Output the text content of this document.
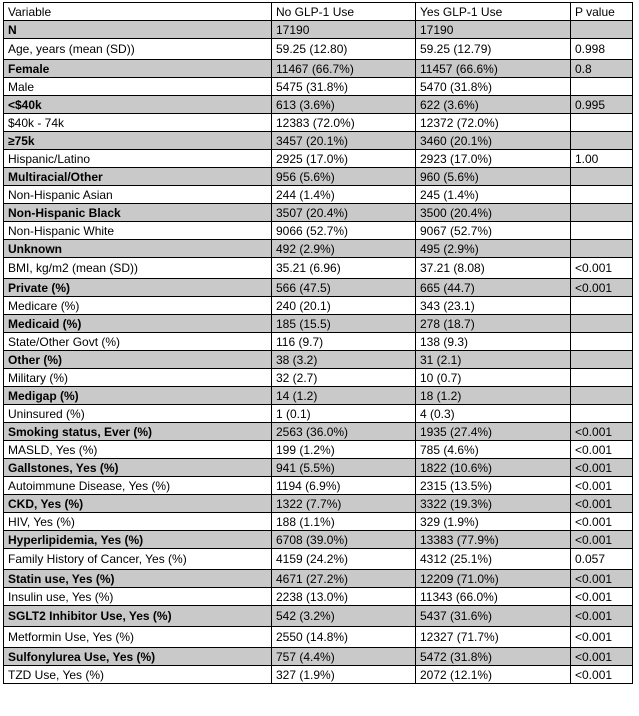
Variable	No GLP-1 Use	Yes GLP-1 Use	P value
N	17190	17190	
Age, years (mean (SD))	59.25 (12.80)	59.25 (12.79)	0.998
Female	11467 (66.7%)	11457 (66.6%)	0.8
Male	5475 (31.8%)	5470 (31.8%)	
<$40k	613 (3.6%)	622 (3.6%)	0.995
$40k - 74k	12383 (72.0%)	12372 (72.0%)	
≥75k	3457 (20.1%)	3460 (20.1%)	
Hispanic/Latino	2925 (17.0%)	2923 (17.0%)	1.00
Multiracial/Other	956 (5.6%)	960 (5.6%)	
Non-Hispanic Asian	244 (1.4%)	245 (1.4%)	
Non-Hispanic Black	3507 (20.4%)	3500 (20.4%)	
Non-Hispanic White	9066 (52.7%)	9067 (52.7%)	
Unknown	492 (2.9%)	495 (2.9%)	
BMI, kg/m2 (mean (SD))	35.21 (6.96)	37.21 (8.08)	<0.001
Private (%)	566 (47.5)	665 (44.7)	<0.001
Medicare (%)	240 (20.1)	343 (23.1)	
Medicaid (%)	185 (15.5)	278 (18.7)	
State/Other Govt (%)	116 (9.7)	138 (9.3)	
Other (%)	38 (3.2)	31 (2.1)	
Military (%)	32 (2.7)	10 (0.7)	
Medigap (%)	14 (1.2)	18 (1.2)	
Uninsured (%)	1 (0.1)	4 (0.3)	
Smoking status, Ever (%)	2563 (36.0%)	1935 (27.4%)	<0.001
MASLD, Yes (%)	199 (1.2%)	785 (4.6%)	<0.001
Gallstones, Yes (%)	941 (5.5%)	1822 (10.6%)	<0.001
Autoimmune Disease, Yes (%)	1194 (6.9%)	2315 (13.5%)	<0.001
CKD, Yes (%)	1322 (7.7%)	3322 (19.3%)	<0.001
HIV, Yes (%)	188 (1.1%)	329 (1.9%)	<0.001
Hyperlipidemia, Yes (%)	6708 (39.0%)	13383 (77.9%)	<0.001
Family History of Cancer, Yes (%)	4159 (24.2%)	4312 (25.1%)	0.057
Statin use, Yes (%)	4671 (27.2%)	12209 (71.0%)	<0.001
Insulin use, Yes (%)	2238 (13.0%)	11343 (66.0%)	<0.001
SGLT2 Inhibitor Use, Yes (%)	542 (3.2%)	5437 (31.6%)	<0.001
Metformin Use, Yes (%)	2550 (14.8%)	12327 (71.7%)	<0.001
Sulfonylurea Use, Yes (%)	757 (4.4%)	5472 (31.8%)	<0.001
TZD Use, Yes (%)	327 (1.9%)	2072 (12.1%)	<0.001
